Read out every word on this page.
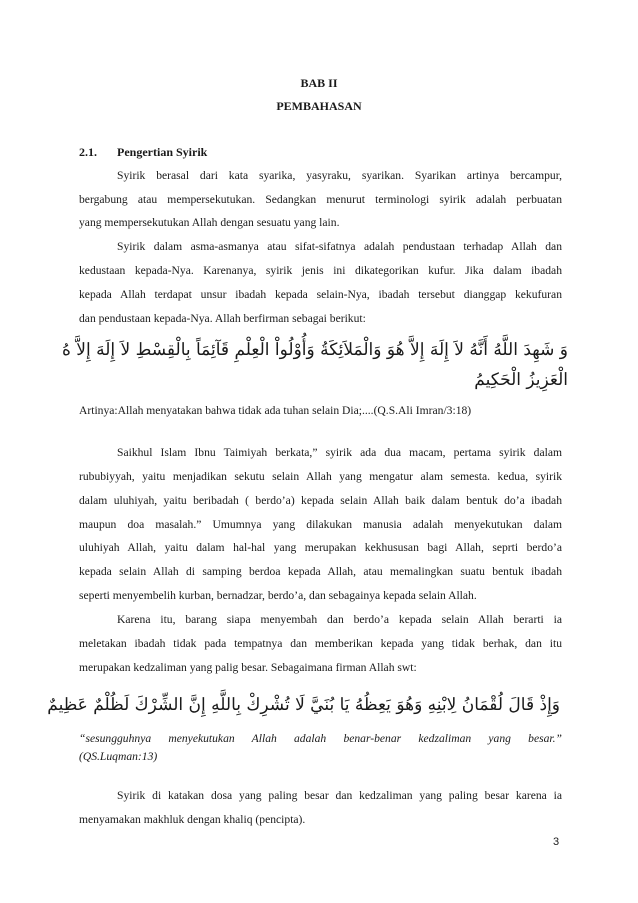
BAB II
PEMBAHASAN
2.1. Pengertian Syirik
Syirik berasal dari kata syarika, yasyraku, syarikan. Syarikan artinya bercampur,
bergabung atau mempersekutukan. Sedangkan menurut terminologi syirik adalah perbuatan
yang mempersekutukan Allah dengan sesuatu yang lain.
Syirik dalam asma-asmanya atau sifat-sifatnya adalah pendustaan terhadap Allah dan
kedustaan kepada-Nya. Karenanya, syirik jenis ini dikategorikan kufur. Jika dalam ibadah
kepada Allah terdapat unsur ibadah kepada selain-Nya, ibadah tersebut dianggap kekufuran
dan pendustaan kepada-Nya. Allah berfirman sebagai berikut:
وَ شَهِدَ اللَّهُ أَنَّهُ لاَ إِلَهَ إِلاَّ هُوَ وَالْمَلاَئِكَةُ وَأُوْلُواْ الْعِلْمِ قَآئِمَاً بِالْقِسْطِ لاَ إِلَهَ إِلاَّ هُ
الْعَزِيزُ الْحَكِيمُ
Artinya:Allah menyatakan bahwa tidak ada tuhan selain Dia;....(Q.S.Ali Imran/3:18)
Saikhul Islam Ibnu Taimiyah berkata,” syirik ada dua macam, pertama syirik dalam
rububiyyah, yaitu menjadikan sekutu selain Allah yang mengatur alam semesta. kedua, syirik
dalam uluhiyah, yaitu beribadah ( berdo’a) kepada selain Allah baik dalam bentuk do’a ibadah
maupun doa masalah.” Umumnya yang dilakukan manusia adalah menyekutukan dalam
uluhiyah Allah, yaitu dalam hal-hal yang merupakan kekhususan bagi Allah, seprti berdo’a
kepada selain Allah di samping berdoa kepada Allah, atau memalingkan suatu bentuk ibadah
seperti menyembelih kurban, bernadzar, berdo’a, dan sebagainya kepada selain Allah.
Karena itu, barang siapa menyembah dan berdo’a kepada selain Allah berarti ia
meletakan ibadah tidak pada tempatnya dan memberikan kepada yang tidak berhak, dan itu
merupakan kedzaliman yang palig besar. Sebagaimana firman Allah swt:
وَإِذْ قَالَ لُقْمَانُ لِابْنِهِ وَهُوَ يَعِظُهُ يَا بُنَيَّ لَا تُشْرِكْ بِاللَّهِ إِنَّ الشِّرْكَ لَظُلْمٌ عَظِيمٌ
“sesungguhnya menyekutukan Allah adalah benar-benar kedzaliman yang besar.”
(QS.Luqman:13)
Syirik di katakan dosa yang paling besar dan kedzaliman yang paling besar karena ia
menyamakan makhluk dengan khaliq (pencipta).
3
